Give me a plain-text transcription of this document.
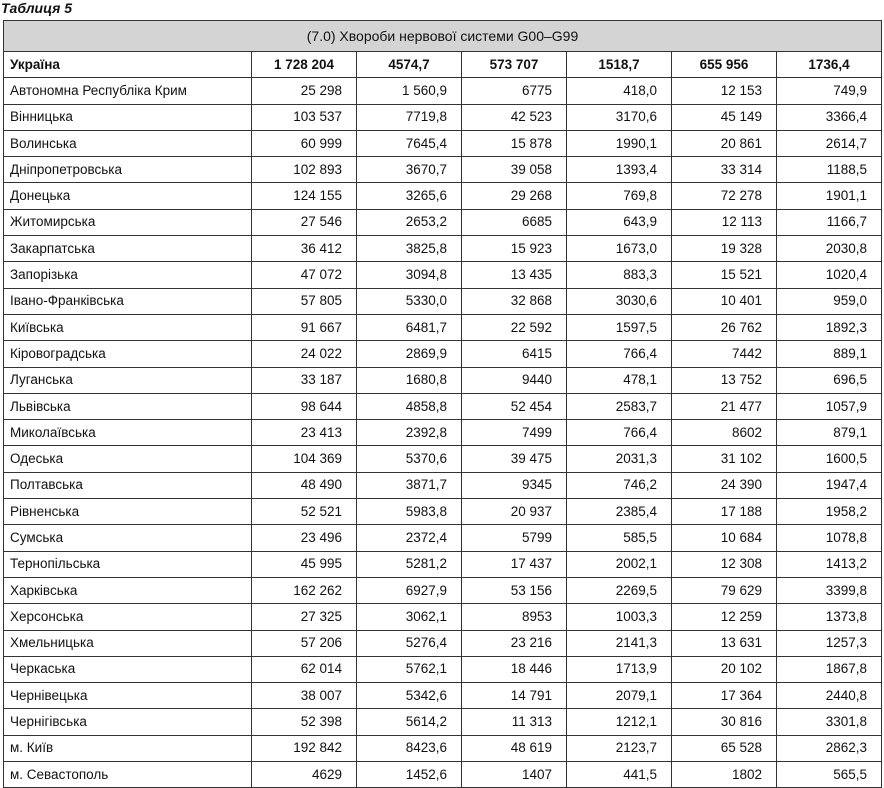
Таблиця 5
(7.0) Хвороби нервової системи G00–G99						
Україна	1 728 204	4574,7	573 707	1518,7	655 956	1736,4
Автономна Республіка Крим	25 298	1 560,9	6775	418,0	12 153	749,9
Вінницька	103 537	7719,8	42 523	3170,6	45 149	3366,4
Волинська	60 999	7645,4	15 878	1990,1	20 861	2614,7
Дніпропетровська	102 893	3670,7	39 058	1393,4	33 314	1188,5
Донецька	124 155	3265,6	29 268	769,8	72 278	1901,1
Житомирська	27 546	2653,2	6685	643,9	12 113	1166,7
Закарпатська	36 412	3825,8	15 923	1673,0	19 328	2030,8
Запорізька	47 072	3094,8	13 435	883,3	15 521	1020,4
Івано-Франківська	57 805	5330,0	32 868	3030,6	10 401	959,0
Київська	91 667	6481,7	22 592	1597,5	26 762	1892,3
Кіровоградська	24 022	2869,9	6415	766,4	7442	889,1
Луганська	33 187	1680,8	9440	478,1	13 752	696,5
Львівська	98 644	4858,8	52 454	2583,7	21 477	1057,9
Миколаївська	23 413	2392,8	7499	766,4	8602	879,1
Одеська	104 369	5370,6	39 475	2031,3	31 102	1600,5
Полтавська	48 490	3871,7	9345	746,2	24 390	1947,4
Рівненська	52 521	5983,8	20 937	2385,4	17 188	1958,2
Сумська	23 496	2372,4	5799	585,5	10 684	1078,8
Тернопільська	45 995	5281,2	17 437	2002,1	12 308	1413,2
Харківська	162 262	6927,9	53 156	2269,5	79 629	3399,8
Херсонська	27 325	3062,1	8953	1003,3	12 259	1373,8
Хмельницька	57 206	5276,4	23 216	2141,3	13 631	1257,3
Черкаська	62 014	5762,1	18 446	1713,9	20 102	1867,8
Чернівецька	38 007	5342,6	14 791	2079,1	17 364	2440,8
Чернігівська	52 398	5614,2	11 313	1212,1	30 816	3301,8
м. Київ	192 842	8423,6	48 619	2123,7	65 528	2862,3
м. Севастополь	4629	1452,6	1407	441,5	1802	565,5
